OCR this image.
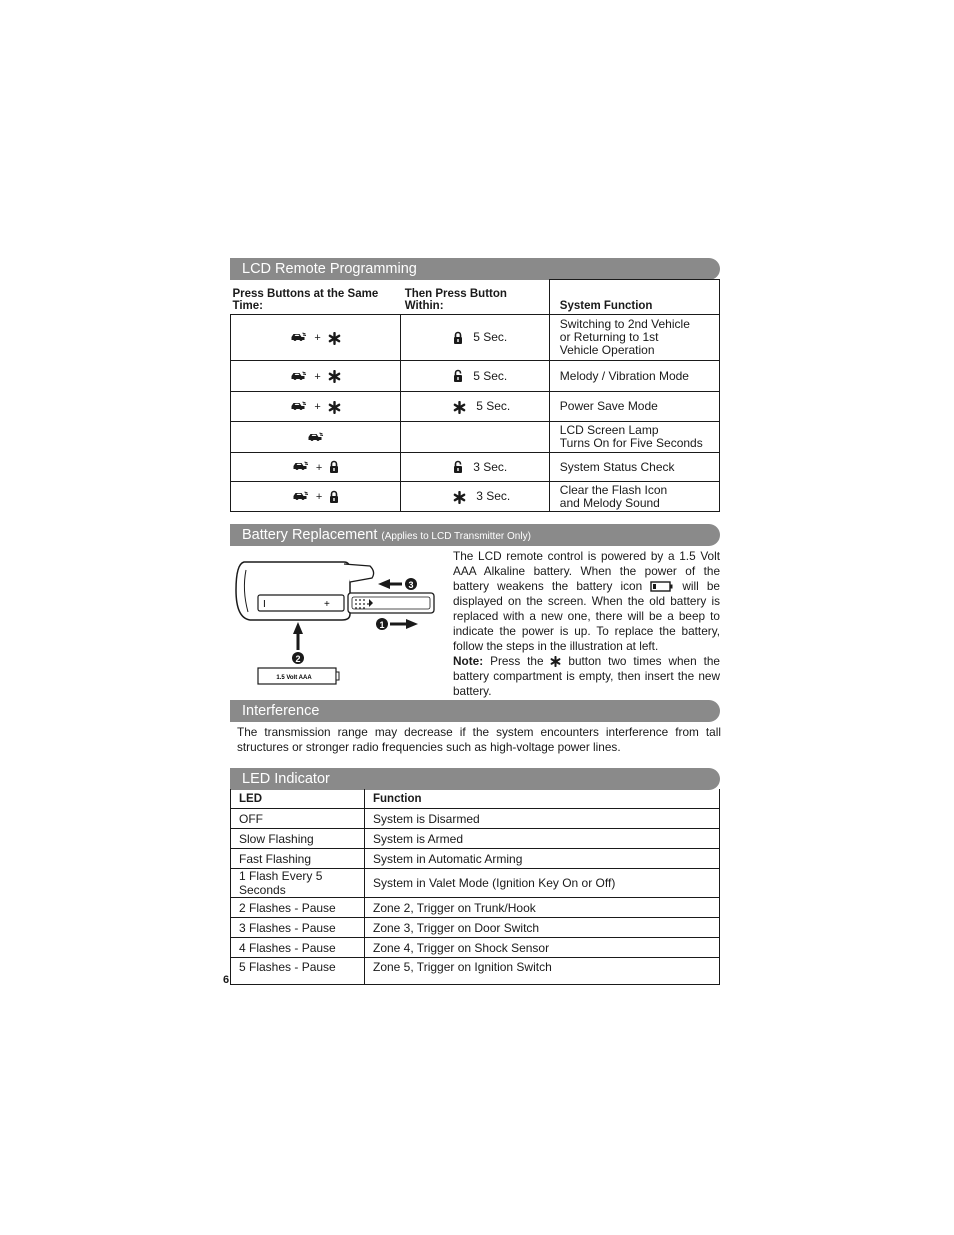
LCD Remote Programming
Press Buttons at the Same Time:	Then Press Button Within:	System Function
+	5 Sec.	Switching to 2nd Vehicle
or Returning to 1st
Vehicle Operation
+	5 Sec.	Melody / Vibration Mode
+	5 Sec.	Power Save Mode
		LCD Screen Lamp
Turns On for Five Seconds
+	3 Sec.	System Status Check
+	3 Sec.	Clear the Flash Icon
and Melody Sound
Battery Replacement (Applies to LCD Transmitter Only)
I	+
3
1
2
1.5 Volt AAA
The LCD remote control is powered by a 1.5 Volt AAA Alkaline battery. When the power of the battery weakens the battery icon	will be displayed on the screen. When the old battery is replaced with a new one, there will be a beep to indicate the power is up. To replace the battery, follow the steps in the illustration at left.
Note: Press the button two times when the battery compartment is empty, then insert the new battery.
Interference
The transmission range may decrease if the system encounters interference from tall structures or stronger radio frequencies such as high-voltage power lines.
LED Indicator
LED	Function
OFF	System is Disarmed
Slow Flashing	System is Armed
Fast Flashing	System in Automatic Arming
1 Flash Every 5 Seconds	System in Valet Mode (Ignition Key On or Off)
2 Flashes - Pause	Zone 2, Trigger on Trunk/Hook
3 Flashes - Pause	Zone 3, Trigger on Door Switch
4 Flashes - Pause	Zone 4, Trigger on Shock Sensor
5 Flashes - Pause	Zone 5, Trigger on Ignition Switch
6
